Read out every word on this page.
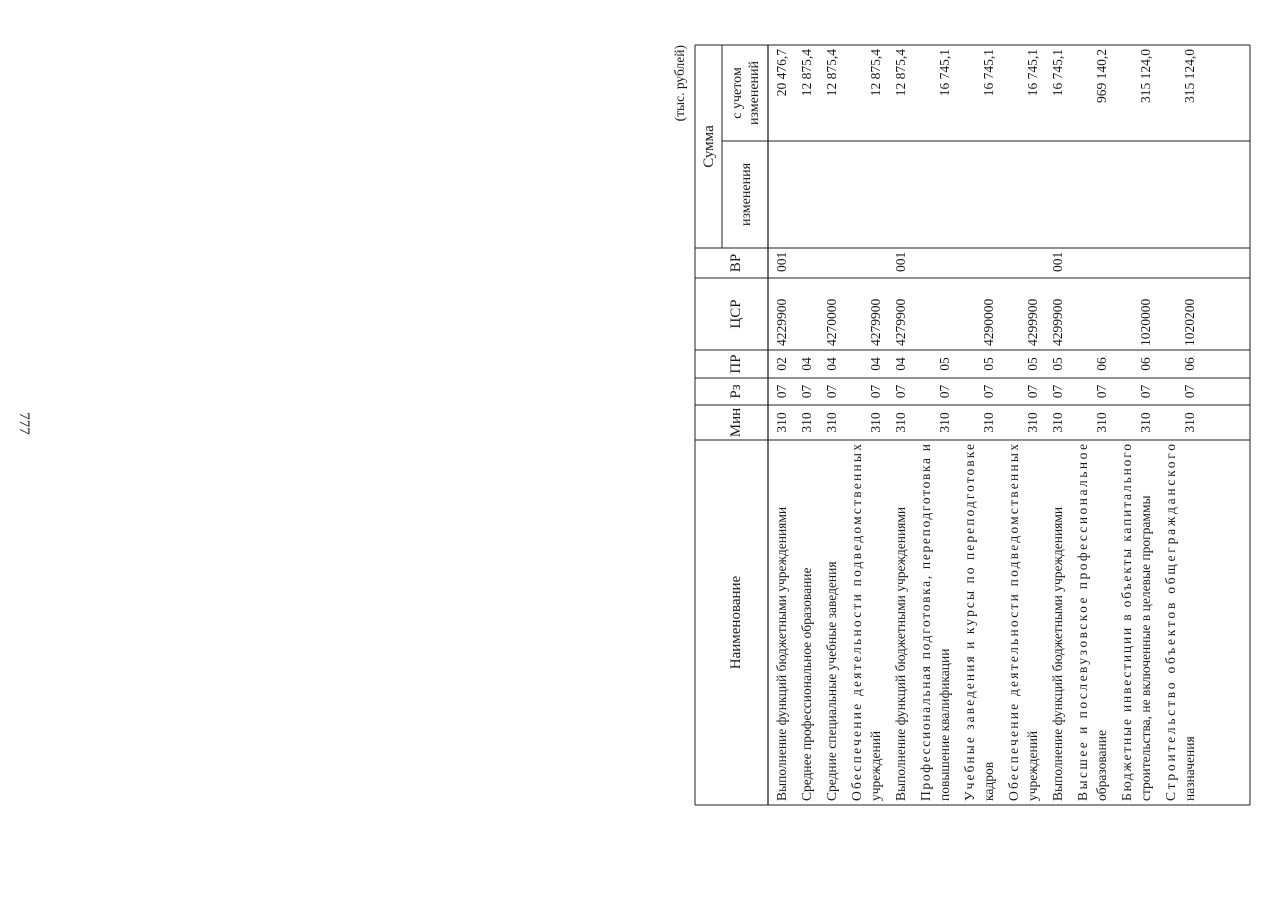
777
(тыс. рублей)
Наименование
Мин
Рз
ПР
ЦСР
ВР
Сумма
изменения
с учетом изменений
Выполнение функций бюджетными учреждениями
310
07
02
4229900
001
20 476,7
Среднее профессиональное образование
310
07
04
12 875,4
Средние специальные учебные заведения
310
07
04
4270000
12 875,4
Обеспечение деятельности подведомственных
учреждений
310
07
04
4279900
12 875,4
Выполнение функций бюджетными учреждениями
310
07
04
4279900
001
12 875,4
Профессиональная подготовка, переподготовка и
повышение квалификации
310
07
05
16 745,1
Учебные заведения и курсы по переподготовке
кадров
310
07
05
4290000
16 745,1
Обеспечение деятельности подведомственных
учреждений
310
07
05
4299900
16 745,1
Выполнение функций бюджетными учреждениями
310
07
05
4299900
001
16 745,1
Высшее и послевузовское профессиональное
образование
310
07
06
969 140,2
Бюджетные инвестиции в объекты капитального
строительства, не включенные в целевые программы
310
07
06
1020000
315 124,0
Строительство объектов общегражданского
назначения
310
07
06
1020200
315 124,0
